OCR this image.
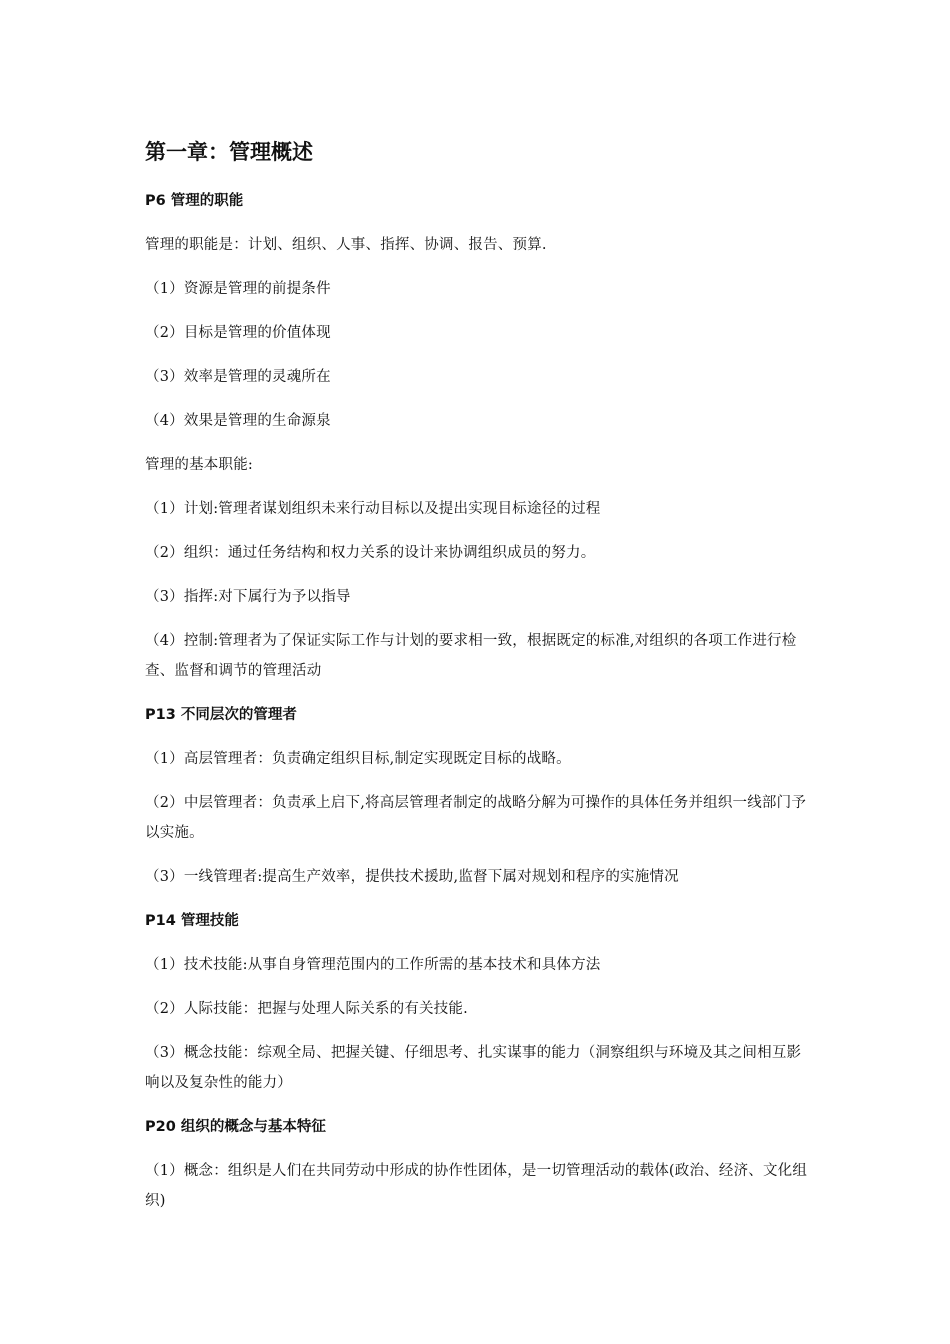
第一章：管理概述
P6 管理的职能

管理的职能是：计划、组织、人事、指挥、协调、报告、预算.

（1）资源是管理的前提条件

（2）目标是管理的价值体现

（3）效率是管理的灵魂所在

（4）效果是管理的生命源泉

管理的基本职能:

（1）计划:管理者谋划组织未来行动目标以及提出实现目标途径的过程

（2）组织：通过任务结构和权力关系的设计来协调组织成员的努力。

（3）指挥:对下属行为予以指导

（4）控制:管理者为了保证实际工作与计划的要求相一致，根据既定的标准,对组织的各项工作进行检查、监督和调节的管理活动

P13 不同层次的管理者

（1）高层管理者：负责确定组织目标,制定实现既定目标的战略。

（2）中层管理者：负责承上启下,将高层管理者制定的战略分解为可操作的具体任务并组织一线部门予以实施。

（3）一线管理者:提高生产效率，提供技术援助,监督下属对规划和程序的实施情况

P14 管理技能

（1）技术技能:从事自身管理范围内的工作所需的基本技术和具体方法

（2）人际技能：把握与处理人际关系的有关技能.

（3）概念技能：综观全局、把握关键、仔细思考、扎实谋事的能力（洞察组织与环境及其之间相互影响以及复杂性的能力）

P20 组织的概念与基本特征

（1）概念：组织是人们在共同劳动中形成的协作性团体，是一切管理活动的载体(政治、经济、文化组织)
